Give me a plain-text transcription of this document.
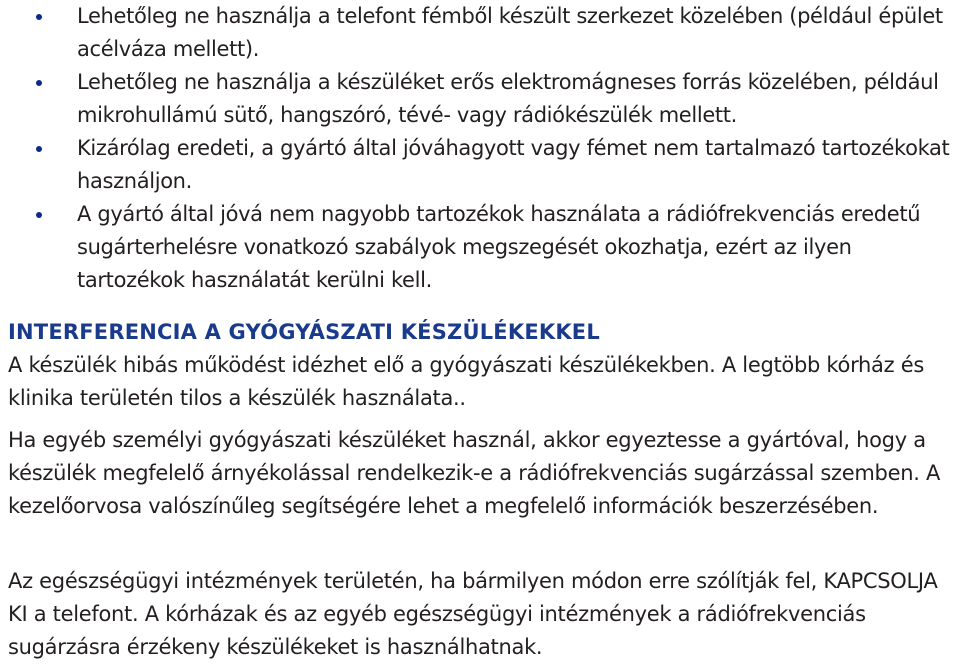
Lehetőleg ne használja a telefont fémből készült szerkezet közelében (például épület acélváza mellett).
Lehetőleg ne használja a készüléket erős elektromágneses forrás közelében, például mikrohullámú sütő, hangszóró, tévé- vagy rádiókészülék mellett.
Kizárólag eredeti, a gyártó által jóváhagyott vagy fémet nem tartalmazó tartozékokat használjon.
A gyártó által jóvá nem nagyobb tartozékok használata a rádiófrekvenciás eredetű sugárterhelésre vonatkozó szabályok megszegését okozhatja, ezért az ilyen tartozékok használatát kerülni kell.
INTERFERENCIA A GYÓGYÁSZATI KÉSZÜLÉKEKKEL

A készülék hibás működést idézhet elő a gyógyászati készülékekben. A legtöbb kórház és klinika területén tilos a készülék használata..

Ha egyéb személyi gyógyászati készüléket használ, akkor egyeztesse a gyártóval, hogy a készülék megfelelő árnyékolással rendelkezik-e a rádiófrekvenciás sugárzással szemben. A kezelőorvosa valószínűleg segítségére lehet a megfelelő információk beszerzésében.

Az egészségügyi intézmények területén, ha bármilyen módon erre szólítják fel, KAPCSOLJA KI a telefont. A kórházak és az egyéb egészségügyi intézmények a rádiófrekvenciás sugárzásra érzékeny készülékeket is használhatnak.
